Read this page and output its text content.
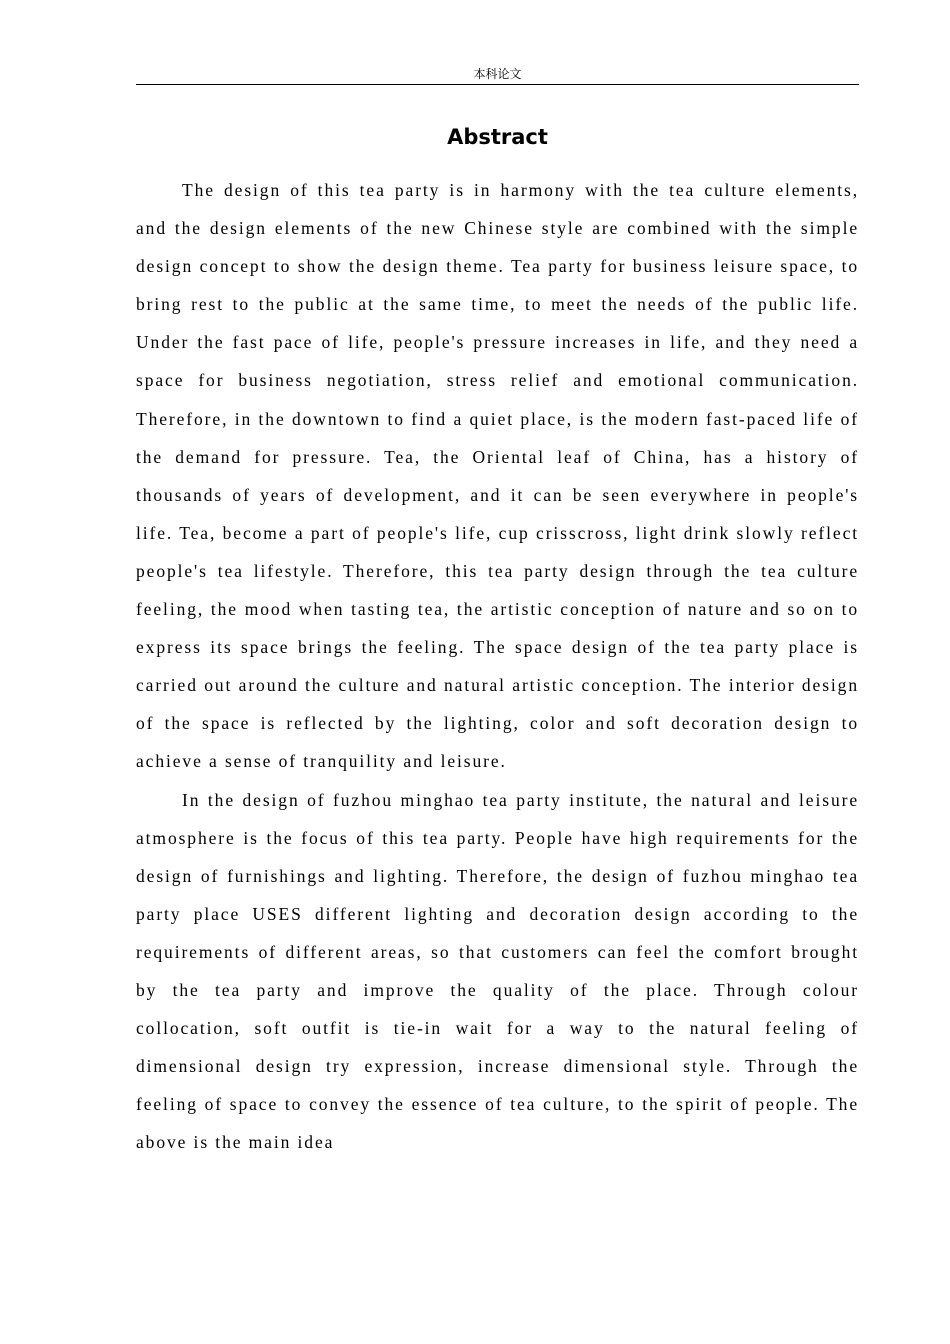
本科论文
Abstract

The design of this tea party is in harmony with the tea culture elements, and the design elements of the new Chinese style are combined with the simple design concept to show the design theme. Tea party for business leisure space, to bring rest to the public at the same time, to meet the needs of the public life. Under the fast pace of life, people's pressure increases in life, and they need a space for business negotiation, stress relief and emotional communication. Therefore, in the downtown to find a quiet place, is the modern fast-paced life of the demand for pressure. Tea, the Oriental leaf of China, has a history of thousands of years of development, and it can be seen everywhere in people's life. Tea, become a part of people's life, cup crisscross, light drink slowly reflect people's tea lifestyle. Therefore, this tea party design through the tea culture feeling, the mood when tasting tea, the artistic conception of nature and so on to express its space brings the feeling. The space design of the tea party place is carried out around the culture and natural artistic conception. The interior design of the space is reflected by the lighting, color and soft decoration design to achieve a sense of tranquility and leisure.

In the design of fuzhou minghao tea party institute, the natural and leisure atmosphere is the focus of this tea party. People have high requirements for the design of furnishings and lighting. Therefore, the design of fuzhou minghao tea party place USES different lighting and decoration design according to the requirements of different areas, so that customers can feel the comfort brought by the tea party and improve the quality of the place. Through colour collocation, soft outfit is tie-in wait for a way to the natural feeling of dimensional design try expression, increase dimensional style. Through the feeling of space to convey the essence of tea culture, to the spirit of people. The above is the main idea
